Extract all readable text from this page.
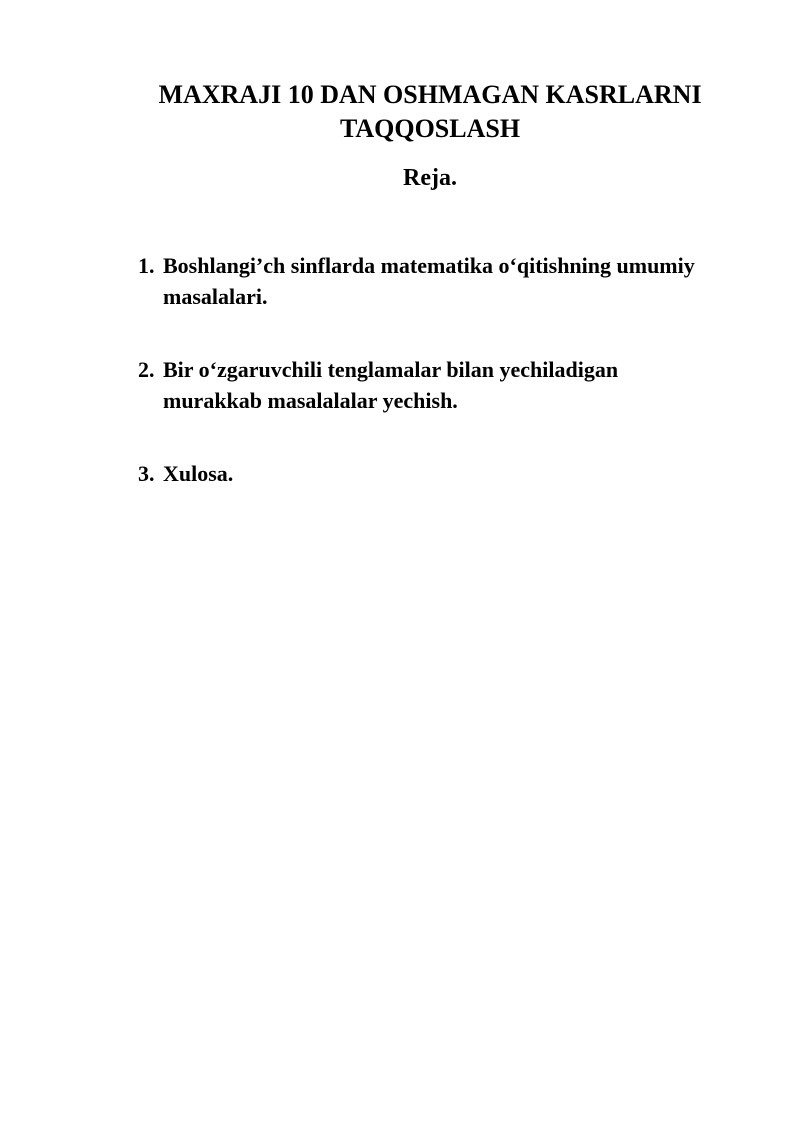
MAXRAJI 10 DAN OSHMAGAN KASRLARNI TAQQOSLASH
Reja.
1. Boshlangi’ch sinflarda matematika o‘qitishning umumiy masalalari.
2. Bir o‘zgaruvchili tenglamalar bilan yechiladigan murakkab masalalalar yechish.
3. Xulosa.
